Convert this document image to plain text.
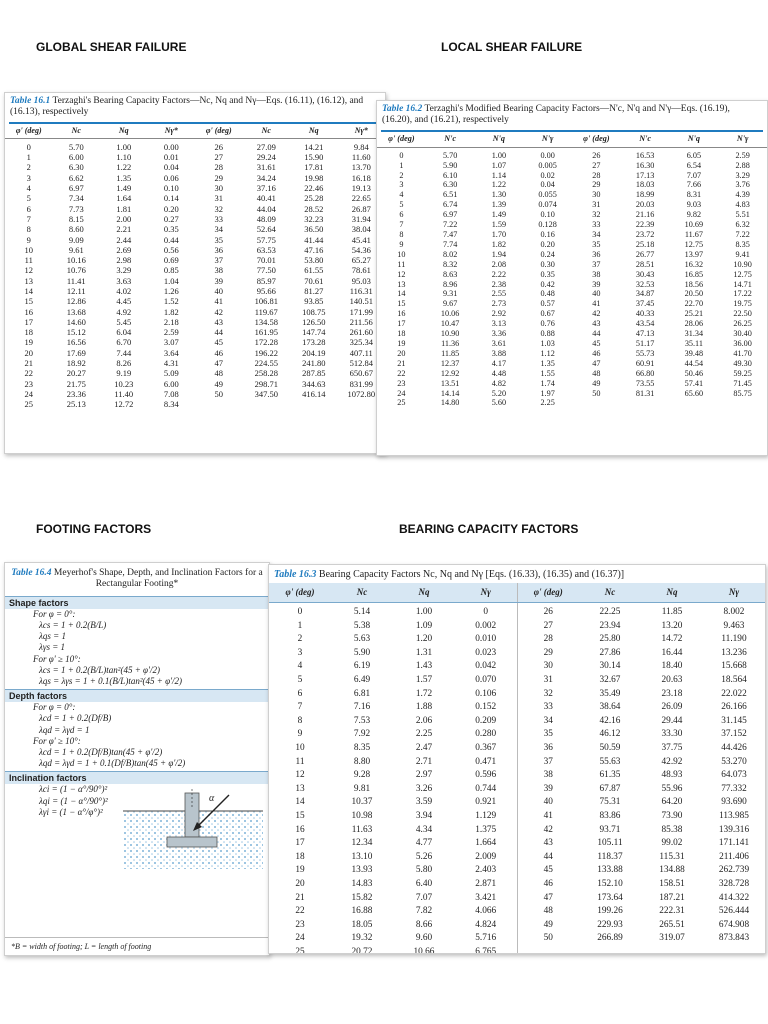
GLOBAL SHEAR FAILURE	LOCAL SHEAR FAILURE
FOOTING FACTORS	BEARING CAPACITY FACTORS
Table 16.1 Terzaghi's Bearing Capacity Factors—Nc, Nq and Nγ—Eqs. (16.11), (16.12), and (16.13), respectively
φ' (deg)	Nc	Nq	Nγ*	φ' (deg)	Nc	Nq	Nγ*
0	5.70	1.00	0.00	26	27.09	14.21	9.84
1	6.00	1.10	0.01	27	29.24	15.90	11.60
2	6.30	1.22	0.04	28	31.61	17.81	13.70
3	6.62	1.35	0.06	29	34.24	19.98	16.18
4	6.97	1.49	0.10	30	37.16	22.46	19.13
5	7.34	1.64	0.14	31	40.41	25.28	22.65
6	7.73	1.81	0.20	32	44.04	28.52	26.87
7	8.15	2.00	0.27	33	48.09	32.23	31.94
8	8.60	2.21	0.35	34	52.64	36.50	38.04
9	9.09	2.44	0.44	35	57.75	41.44	45.41
10	9.61	2.69	0.56	36	63.53	47.16	54.36
11	10.16	2.98	0.69	37	70.01	53.80	65.27
12	10.76	3.29	0.85	38	77.50	61.55	78.61
13	11.41	3.63	1.04	39	85.97	70.61	95.03
14	12.11	4.02	1.26	40	95.66	81.27	116.31
15	12.86	4.45	1.52	41	106.81	93.85	140.51
16	13.68	4.92	1.82	42	119.67	108.75	171.99
17	14.60	5.45	2.18	43	134.58	126.50	211.56
18	15.12	6.04	2.59	44	161.95	147.74	261.60
19	16.56	6.70	3.07	45	172.28	173.28	325.34
20	17.69	7.44	3.64	46	196.22	204.19	407.11
21	18.92	8.26	4.31	47	224.55	241.80	512.84
22	20.27	9.19	5.09	48	258.28	287.85	650.67
23	21.75	10.23	6.00	49	298.71	344.63	831.99
24	23.36	11.40	7.08	50	347.50	416.14	1072.80
25	25.13	12.72	8.34				
Table 16.2 Terzaghi's Modified Bearing Capacity Factors—N'c, N'q and N'γ—Eqs. (16.19), (16.20), and (16.21), respectively
φ' (deg)	N'c	N'q	N'γ	φ' (deg)	N'c	N'q	N'γ
0	5.70	1.00	0.00	26	16.53	6.05	2.59
1	5.90	1.07	0.005	27	16.30	6.54	2.88
2	6.10	1.14	0.02	28	17.13	7.07	3.29
3	6.30	1.22	0.04	29	18.03	7.66	3.76
4	6.51	1.30	0.055	30	18.99	8.31	4.39
5	6.74	1.39	0.074	31	20.03	9.03	4.83
6	6.97	1.49	0.10	32	21.16	9.82	5.51
7	7.22	1.59	0.128	33	22.39	10.69	6.32
8	7.47	1.70	0.16	34	23.72	11.67	7.22
9	7.74	1.82	0.20	35	25.18	12.75	8.35
10	8.02	1.94	0.24	36	26.77	13.97	9.41
11	8.32	2.08	0.30	37	28.51	16.32	10.90
12	8.63	2.22	0.35	38	30.43	16.85	12.75
13	8.96	2.38	0.42	39	32.53	18.56	14.71
14	9.31	2.55	0.48	40	34.87	20.50	17.22
15	9.67	2.73	0.57	41	37.45	22.70	19.75
16	10.06	2.92	0.67	42	40.33	25.21	22.50
17	10.47	3.13	0.76	43	43.54	28.06	26.25
18	10.90	3.36	0.88	44	47.13	31.34	30.40
19	11.36	3.61	1.03	45	51.17	35.11	36.00
20	11.85	3.88	1.12	46	55.73	39.48	41.70
21	12.37	4.17	1.35	47	60.91	44.54	49.30
22	12.92	4.48	1.55	48	66.80	50.46	59.25
23	13.51	4.82	1.74	49	73.55	57.41	71.45
24	14.14	5.20	1.97	50	81.31	65.60	85.75
25	14.80	5.60	2.25				
Table 16.4 Meyerhof's Shape, Depth, and Inclination Factors for a Rectangular Footing*
Shape factors
For φ = 0°:
λcs = 1 + 0.2(B/L)
λqs = 1
λγs = 1
For φ' ≥ 10°:
λcs = 1 + 0.2(B/L)tan²(45 + φ'/2)
λqs = λγs = 1 + 0.1(B/L)tan²(45 + φ'/2)
Depth factors
For φ = 0°:
λcd = 1 + 0.2(Df/B)
λqd = λγd = 1
For φ' ≥ 10°:
λcd = 1 + 0.2(Df/B)tan(45 + φ'/2)
λqd = λγd = 1 + 0.1(Df/B)tan(45 + φ'/2)
Inclination factors
λci = (1 − α°/90°)²
λqi = (1 − α°/90°)²
λγi = (1 − α°/φ°)²
α
*B = width of footing; L = length of footing
Table 16.3 Bearing Capacity Factors Nc, Nq and Nγ [Eqs. (16.33), (16.35) and (16.37)]
φ' (deg)	Nc	Nq	Nγ	φ' (deg)	Nc	Nq	Nγ
0	5.14	1.00	0	26	22.25	11.85	8.002
1	5.38	1.09	0.002	27	23.94	13.20	9.463
2	5.63	1.20	0.010	28	25.80	14.72	11.190
3	5.90	1.31	0.023	29	27.86	16.44	13.236
4	6.19	1.43	0.042	30	30.14	18.40	15.668
5	6.49	1.57	0.070	31	32.67	20.63	18.564
6	6.81	1.72	0.106	32	35.49	23.18	22.022
7	7.16	1.88	0.152	33	38.64	26.09	26.166
8	7.53	2.06	0.209	34	42.16	29.44	31.145
9	7.92	2.25	0.280	35	46.12	33.30	37.152
10	8.35	2.47	0.367	36	50.59	37.75	44.426
11	8.80	2.71	0.471	37	55.63	42.92	53.270
12	9.28	2.97	0.596	38	61.35	48.93	64.073
13	9.81	3.26	0.744	39	67.87	55.96	77.332
14	10.37	3.59	0.921	40	75.31	64.20	93.690
15	10.98	3.94	1.129	41	83.86	73.90	113.985
16	11.63	4.34	1.375	42	93.71	85.38	139.316
17	12.34	4.77	1.664	43	105.11	99.02	171.141
18	13.10	5.26	2.009	44	118.37	115.31	211.406
19	13.93	5.80	2.403	45	133.88	134.88	262.739
20	14.83	6.40	2.871	46	152.10	158.51	328.728
21	15.82	7.07	3.421	47	173.64	187.21	414.322
22	16.88	7.82	4.066	48	199.26	222.31	526.444
23	18.05	8.66	4.824	49	229.93	265.51	674.908
24	19.32	9.60	5.716	50	266.89	319.07	873.843
25	20.72	10.66	6.765				
